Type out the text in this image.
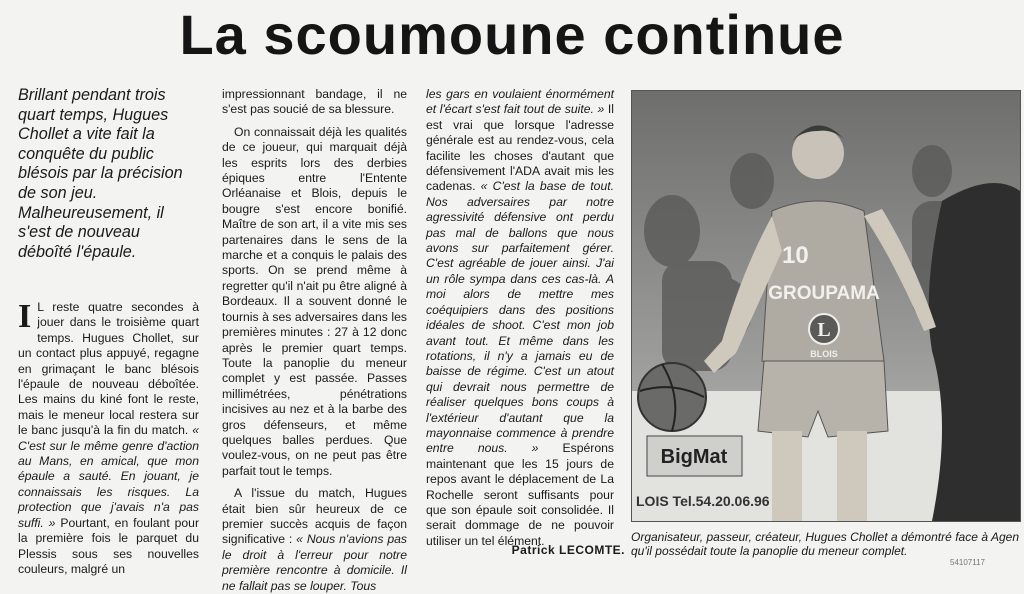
La scoumoune continue
Brillant pendant trois quart temps, Hugues Chollet a vite fait la conquête du public blésois par la précision de son jeu. Malheureusement, il s'est de nouveau déboîté l'épaule.

I L reste quatre secondes à jouer dans le troisième quart temps. Hugues Chollet, sur un contact plus appuyé, regagne en grimaçant le banc blésois l'épaule de nouveau déboîtée. Les mains du kiné font le reste, mais le meneur local restera sur le banc jusqu'à la fin du match. « C'est sur le même genre d'action au Mans, en amical, que mon épaule a sauté. En jouant, je connaissais les risques. La protection que j'avais n'a pas suffi. » Pourtant, en foulant pour la première fois le parquet du Plessis sous ses nouvelles couleurs, malgré un

impressionnant bandage, il ne s'est pas soucié de sa blessure.

On connaissait déjà les qualités de ce joueur, qui marquait déjà les esprits lors des derbies épiques entre l'Entente Orléanaise et Blois, depuis le bougre s'est encore bonifié. Maître de son art, il a vite mis ses partenaires dans le sens de la marche et a conquis le palais des sports. On se prend même à regretter qu'il n'ait pu être aligné à Bordeaux. Il a souvent donné le tournis à ses adversaires dans les premières minutes : 27 à 12 donc après le premier quart temps. Toute la panoplie du meneur complet y est passée. Passes millimétrées, pénétrations incisives au nez et à la barbe des gros défenseurs, et même quelques balles perdues. Que voulez-vous, on ne peut pas être parfait tout le temps.

A l'issue du match, Hugues était bien sûr heureux de ce premier succès acquis de façon significative : « Nous n'avions pas le droit à l'erreur pour notre première rencontre à domicile. Il ne fallait pas se louper. Tous

les gars en voulaient énormément et l'écart s'est fait tout de suite. » Il est vrai que lorsque l'adresse générale est au rendez-vous, cela facilite les choses d'autant que défensivement l'ADA avait mis les cadenas. « C'est la base de tout. Nos adversaires par notre agressivité défensive ont perdu pas mal de ballons que nous avons sur parfaitement gérer. C'est agréable de jouer ainsi. J'ai un rôle sympa dans ces cas-là. A moi alors de mettre mes coéquipiers dans des positions idéales de shoot. C'est mon job avant tout. Et même dans les rotations, il n'y a jamais eu de baisse de régime. C'est un atout qui devrait nous permettre de réaliser quelques bons coups à l'extérieur d'autant que la mayonnaise commence à prendre entre nous. » Espérons maintenant que les 15 jours de repos avant le déplacement de La Rochelle seront suffisants pour que son épaule soit consolidée. Il serait dommage de ne pouvoir utiliser un tel élément.

Patrick LECOMTE.
BigMat
LOIS Tel.54.20.06.96
10
GROUPAMA
L
BLOIS
Organisateur, passeur, créateur, Hugues Chollet a démontré face à Agen qu'il possédait toute la panoplie du meneur complet.
54107117
